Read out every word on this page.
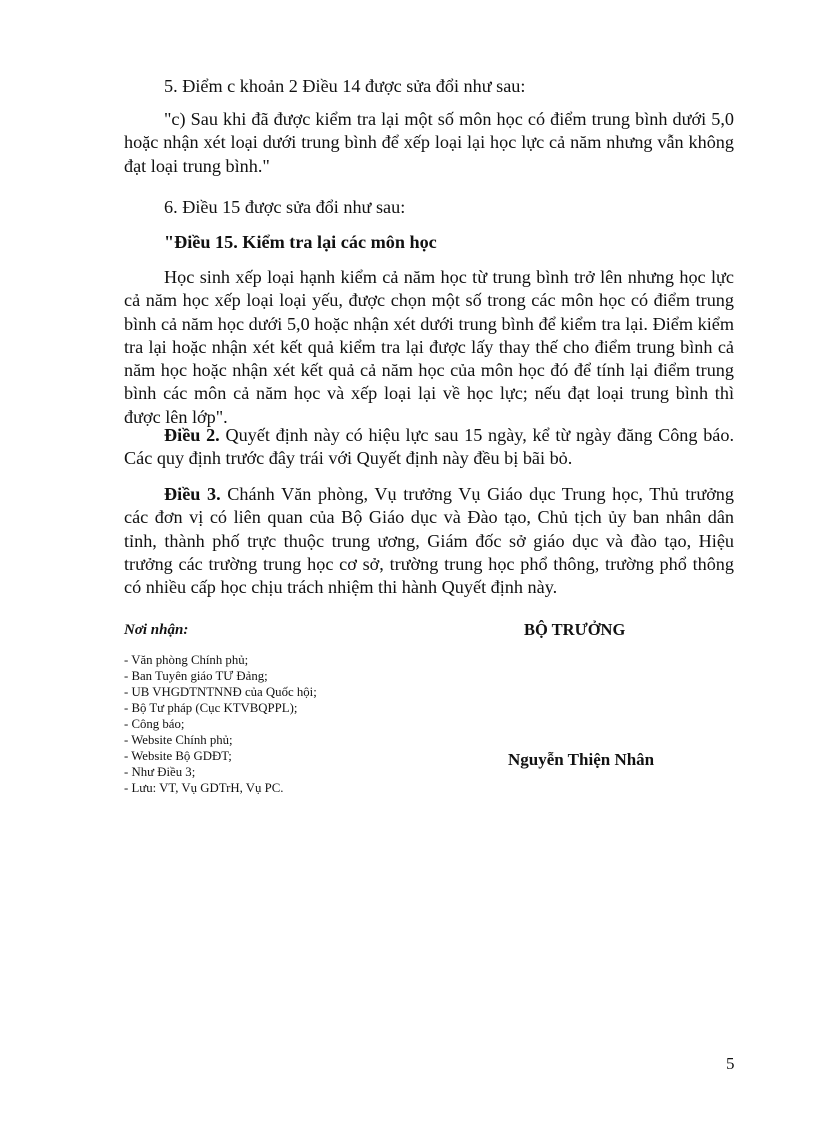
5. Điểm c khoản 2 Điều 14 được sửa đổi như sau:

"c) Sau khi đã được kiểm tra lại một số môn học có điểm trung bình dưới 5,0 hoặc nhận xét loại dưới trung bình để xếp loại lại học lực cả năm nhưng vẫn không đạt loại trung bình."

6. Điều 15 được sửa đổi như sau:

"Điều 15. Kiểm tra lại các môn học

Học sinh xếp loại hạnh kiểm cả năm học từ trung bình trở lên nhưng học lực cả năm học xếp loại loại yếu, được chọn một số trong các môn học có điểm trung bình cả năm học dưới 5,0 hoặc nhận xét dưới trung bình để kiểm tra lại. Điểm kiểm tra lại hoặc nhận xét kết quả kiểm tra lại được lấy thay thế cho điểm trung bình cả năm học hoặc nhận xét kết quả cả năm học của môn học đó để tính lại điểm trung bình các môn cả năm học và xếp loại lại về học lực; nếu đạt loại trung bình thì được lên lớp".

Điều 2. Quyết định này có hiệu lực sau 15 ngày, kể từ ngày đăng Công báo. Các quy định trước đây trái với Quyết định này đều bị bãi bỏ.

Điều 3. Chánh Văn phòng, Vụ trưởng Vụ Giáo dục Trung học, Thủ trưởng các đơn vị có liên quan của Bộ Giáo dục và Đào tạo, Chủ tịch ủy ban nhân dân tỉnh, thành phố trực thuộc trung ương, Giám đốc sở giáo dục và đào tạo, Hiệu trưởng các trường trung học cơ sở, trường trung học phổ thông, trường phổ thông có nhiều cấp học chịu trách nhiệm thi hành Quyết định này.

Nơi nhận:
- Văn phòng Chính phủ;
- Ban Tuyên giáo TƯ Đảng;
- UB VHGDTNTNNĐ của Quốc hội;
- Bộ Tư pháp (Cục KTVBQPPL);
- Công báo;
- Website Chính phủ;
- Website Bộ GDĐT;
- Như Điều 3;
- Lưu: VT, Vụ GDTrH, Vụ PC.
BỘ TRƯỞNG
Nguyễn Thiện Nhân
5
